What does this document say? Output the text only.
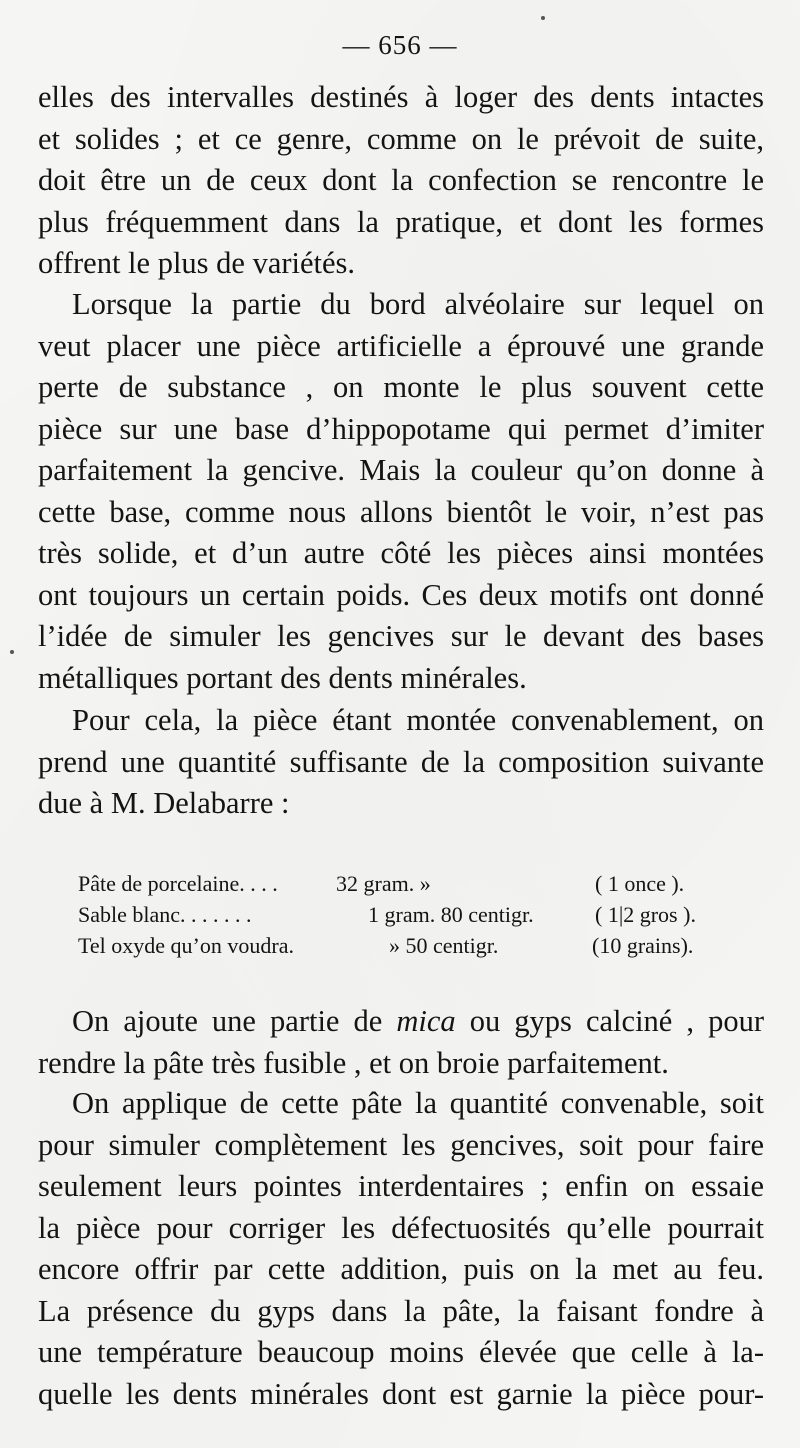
— 656 —
elles des intervalles destinés à loger des dents intactes
et solides ; et ce genre, comme on le prévoit de suite,
doit être un de ceux dont la confection se rencontre le
plus fréquemment dans la pratique, et dont les formes
offrent le plus de variétés.
Lorsque la partie du bord alvéolaire sur lequel on
veut placer une pièce artificielle a éprouvé une grande
perte de substance , on monte le plus souvent cette
pièce sur une base d’hippopotame qui permet d’imiter
parfaitement la gencive. Mais la couleur qu’on donne à
cette base, comme nous allons bientôt le voir, n’est pas
très solide, et d’un autre côté les pièces ainsi montées
ont toujours un certain poids. Ces deux motifs ont donné
l’idée de simuler les gencives sur le devant des bases
métalliques portant des dents minérales.
Pour cela, la pièce étant montée convenablement, on
prend une quantité suffisante de la composition suivante
due à M. Delabarre :
Pâte de porcelaine. . . .	32 gram. »	( 1 once ).
Sable blanc. . . . . . .	1 gram. 80 centigr.	( 1|2 gros ).
Tel oxyde qu’on voudra.	» 50 centigr.	(10 grains).
On ajoute une partie de mica ou gyps calciné , pour
rendre la pâte très fusible , et on broie parfaitement.
On applique de cette pâte la quantité convenable, soit
pour simuler complètement les gencives, soit pour faire
seulement leurs pointes interdentaires ; enfin on essaie
la pièce pour corriger les défectuosités qu’elle pourrait
encore offrir par cette addition, puis on la met au feu.
La présence du gyps dans la pâte, la faisant fondre à
une température beaucoup moins élevée que celle à la-
quelle les dents minérales dont est garnie la pièce pour-
